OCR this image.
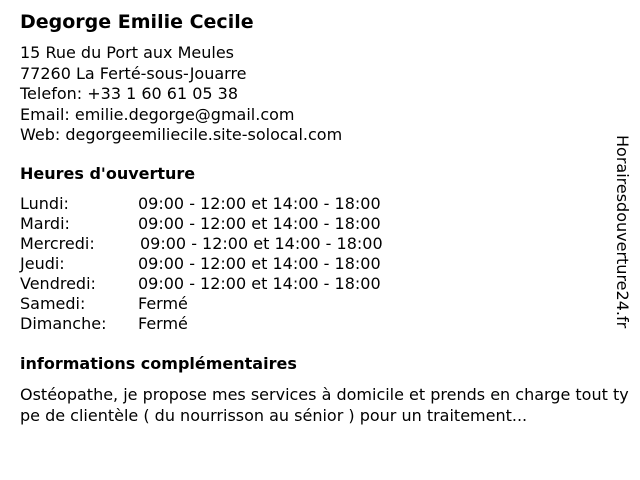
Degorge Emilie Cecile
15 Rue du Port aux Meules
77260 La Ferté-sous-Jouarre
Telefon: +33 1 60 61 05 38
Email: emilie.degorge@gmail.com
Web: degorgeemiliecile.site-solocal.com
Heures d'ouverture
Lundi:	09:00 - 12:00 et 14:00 - 18:00
Mardi:	09:00 - 12:00 et 14:00 - 18:00
Mercredi:	09:00 - 12:00 et 14:00 - 18:00
Jeudi:	09:00 - 12:00 et 14:00 - 18:00
Vendredi:	09:00 - 12:00 et 14:00 - 18:00
Samedi:	Fermé
Dimanche: Fermé
informations complémentaires
Ostéopathe, je propose mes services à domicile et prends en charge tout type de clientèle ( du nourrisson au sénior ) pour un traitement...
Horairesdouverture24.fr
